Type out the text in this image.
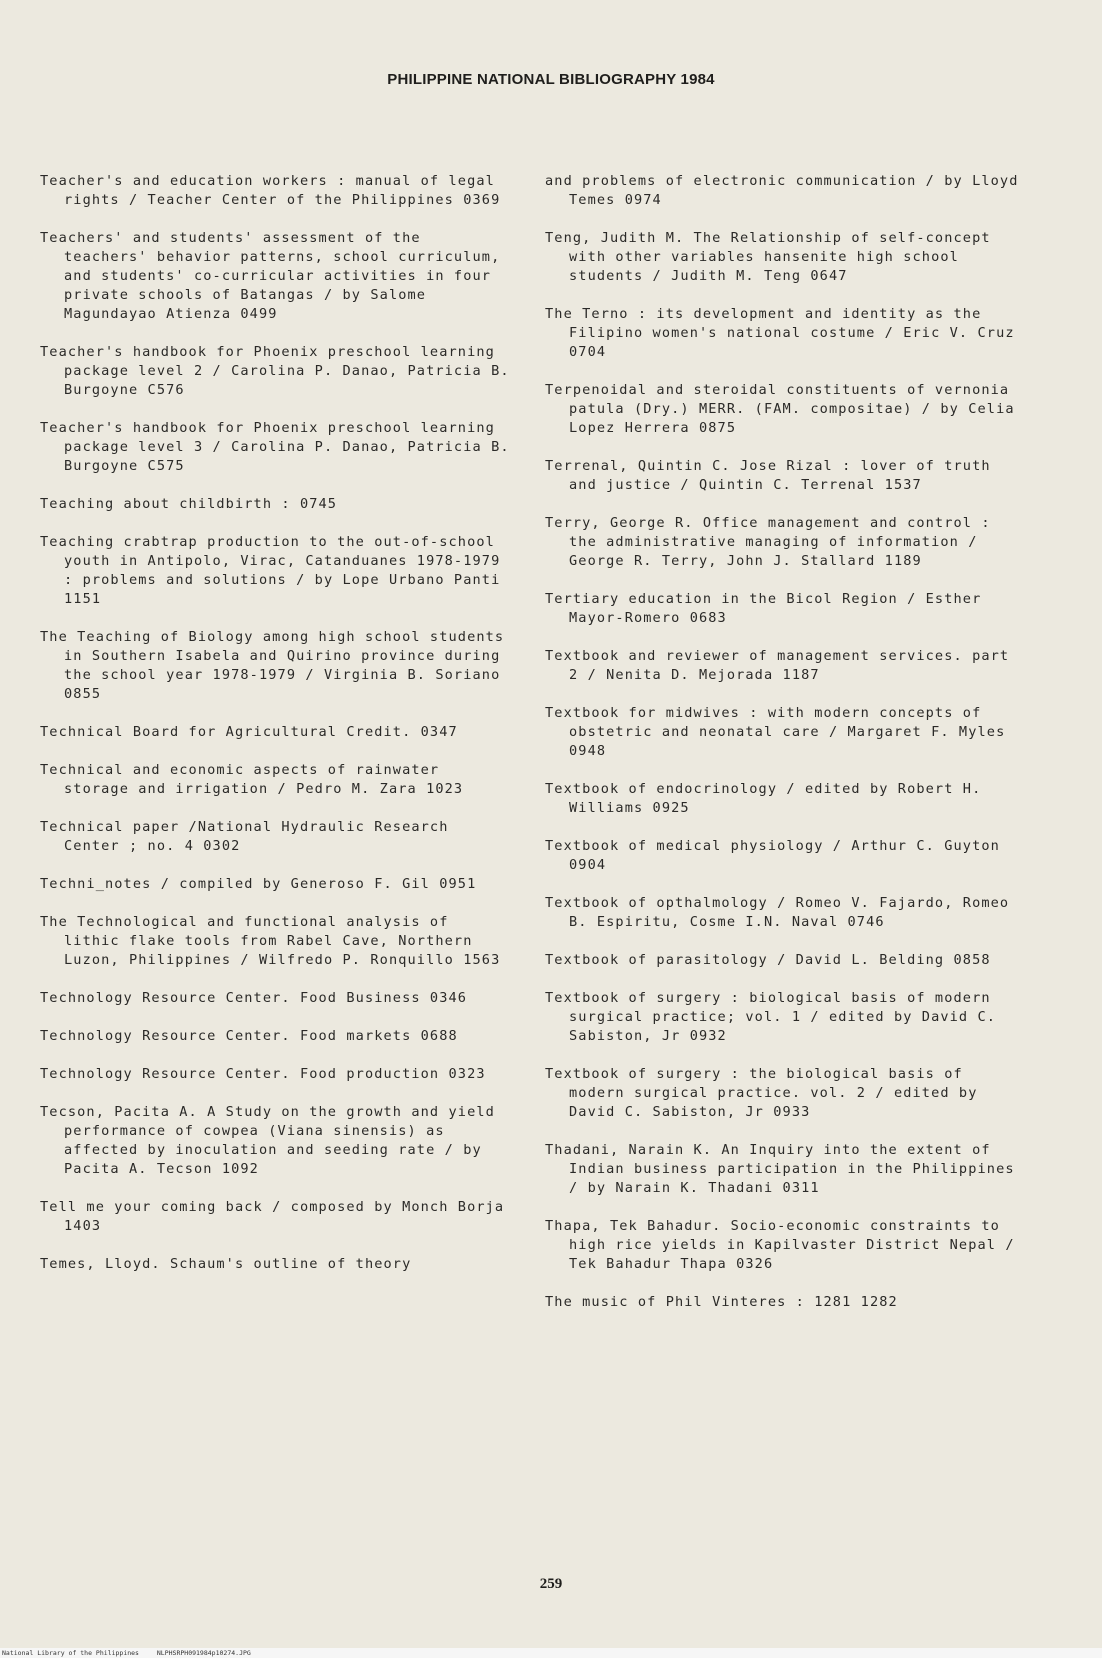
PHILIPPINE NATIONAL BIBLIOGRAPHY 1984

Teacher's and education workers : manual of legal rights / Teacher Center of the Philippines 0369

Teachers' and students' assessment of the teachers' behavior patterns, school curriculum, and students' co-curricular activities in four private schools of Batangas / by Salome Magundayao Atienza 0499

Teacher's handbook for Phoenix preschool learning package level 2 / Carolina P. Danao, Patricia B. Burgoyne C576

Teacher's handbook for Phoenix preschool learning package level 3 / Carolina P. Danao, Patricia B. Burgoyne C575

Teaching about childbirth : 0745

Teaching crabtrap production to the out-of-school youth in Antipolo, Virac, Catanduanes 1978-1979 : problems and solutions / by Lope Urbano Panti 1151

The Teaching of Biology among high school students in Southern Isabela and Quirino province during the school year 1978-1979 / Virginia B. Soriano 0855

Technical Board for Agricultural Credit. 0347

Technical and economic aspects of rainwater storage and irrigation / Pedro M. Zara 1023

Technical paper /National Hydraulic Research Center ; no. 4 0302

Techni_notes / compiled by Generoso F. Gil 0951

The Technological and functional analysis of lithic flake tools from Rabel Cave, Northern Luzon, Philippines / Wilfredo P. Ronquillo 1563

Technology Resource Center. Food Business 0346

Technology Resource Center. Food markets 0688

Technology Resource Center. Food production 0323

Tecson, Pacita A. A Study on the growth and yield performance of cowpea (Viana sinensis) as affected by inoculation and seeding rate / by Pacita A. Tecson 1092

Tell me your coming back / composed by Monch Borja 1403

Temes, Lloyd. Schaum's outline of theory

and problems of electronic communication / by Lloyd Temes 0974

Teng, Judith M. The Relationship of self-concept with other variables hansenite high school students / Judith M. Teng 0647

The Terno : its development and identity as the Filipino women's national costume / Eric V. Cruz 0704

Terpenoidal and steroidal constituents of vernonia patula (Dry.) MERR. (FAM. compositae) / by Celia Lopez Herrera 0875

Terrenal, Quintin C. Jose Rizal : lover of truth and justice / Quintin C. Terrenal 1537

Terry, George R. Office management and control : the administrative managing of information / George R. Terry, John J. Stallard 1189

Tertiary education in the Bicol Region / Esther Mayor-Romero 0683

Textbook and reviewer of management services. part 2 / Nenita D. Mejorada 1187

Textbook for midwives : with modern concepts of obstetric and neonatal care / Margaret F. Myles 0948

Textbook of endocrinology / edited by Robert H. Williams 0925

Textbook of medical physiology / Arthur C. Guyton 0904

Textbook of opthalmology / Romeo V. Fajardo, Romeo B. Espiritu, Cosme I.N. Naval 0746

Textbook of parasitology / David L. Belding 0858

Textbook of surgery : biological basis of modern surgical practice; vol. 1 / edited by David C. Sabiston, Jr 0932

Textbook of surgery : the biological basis of modern surgical practice. vol. 2 / edited by David C. Sabiston, Jr 0933

Thadani, Narain K. An Inquiry into the extent of Indian business participation in the Philippines / by Narain K. Thadani 0311

Thapa, Tek Bahadur. Socio-economic constraints to high rice yields in Kapilvaster District Nepal / Tek Bahadur Thapa 0326

The music of Phil Vinteres : 1281 1282

259
National Library of the Philippines	NLPHSRPH091984p10274.JPG
